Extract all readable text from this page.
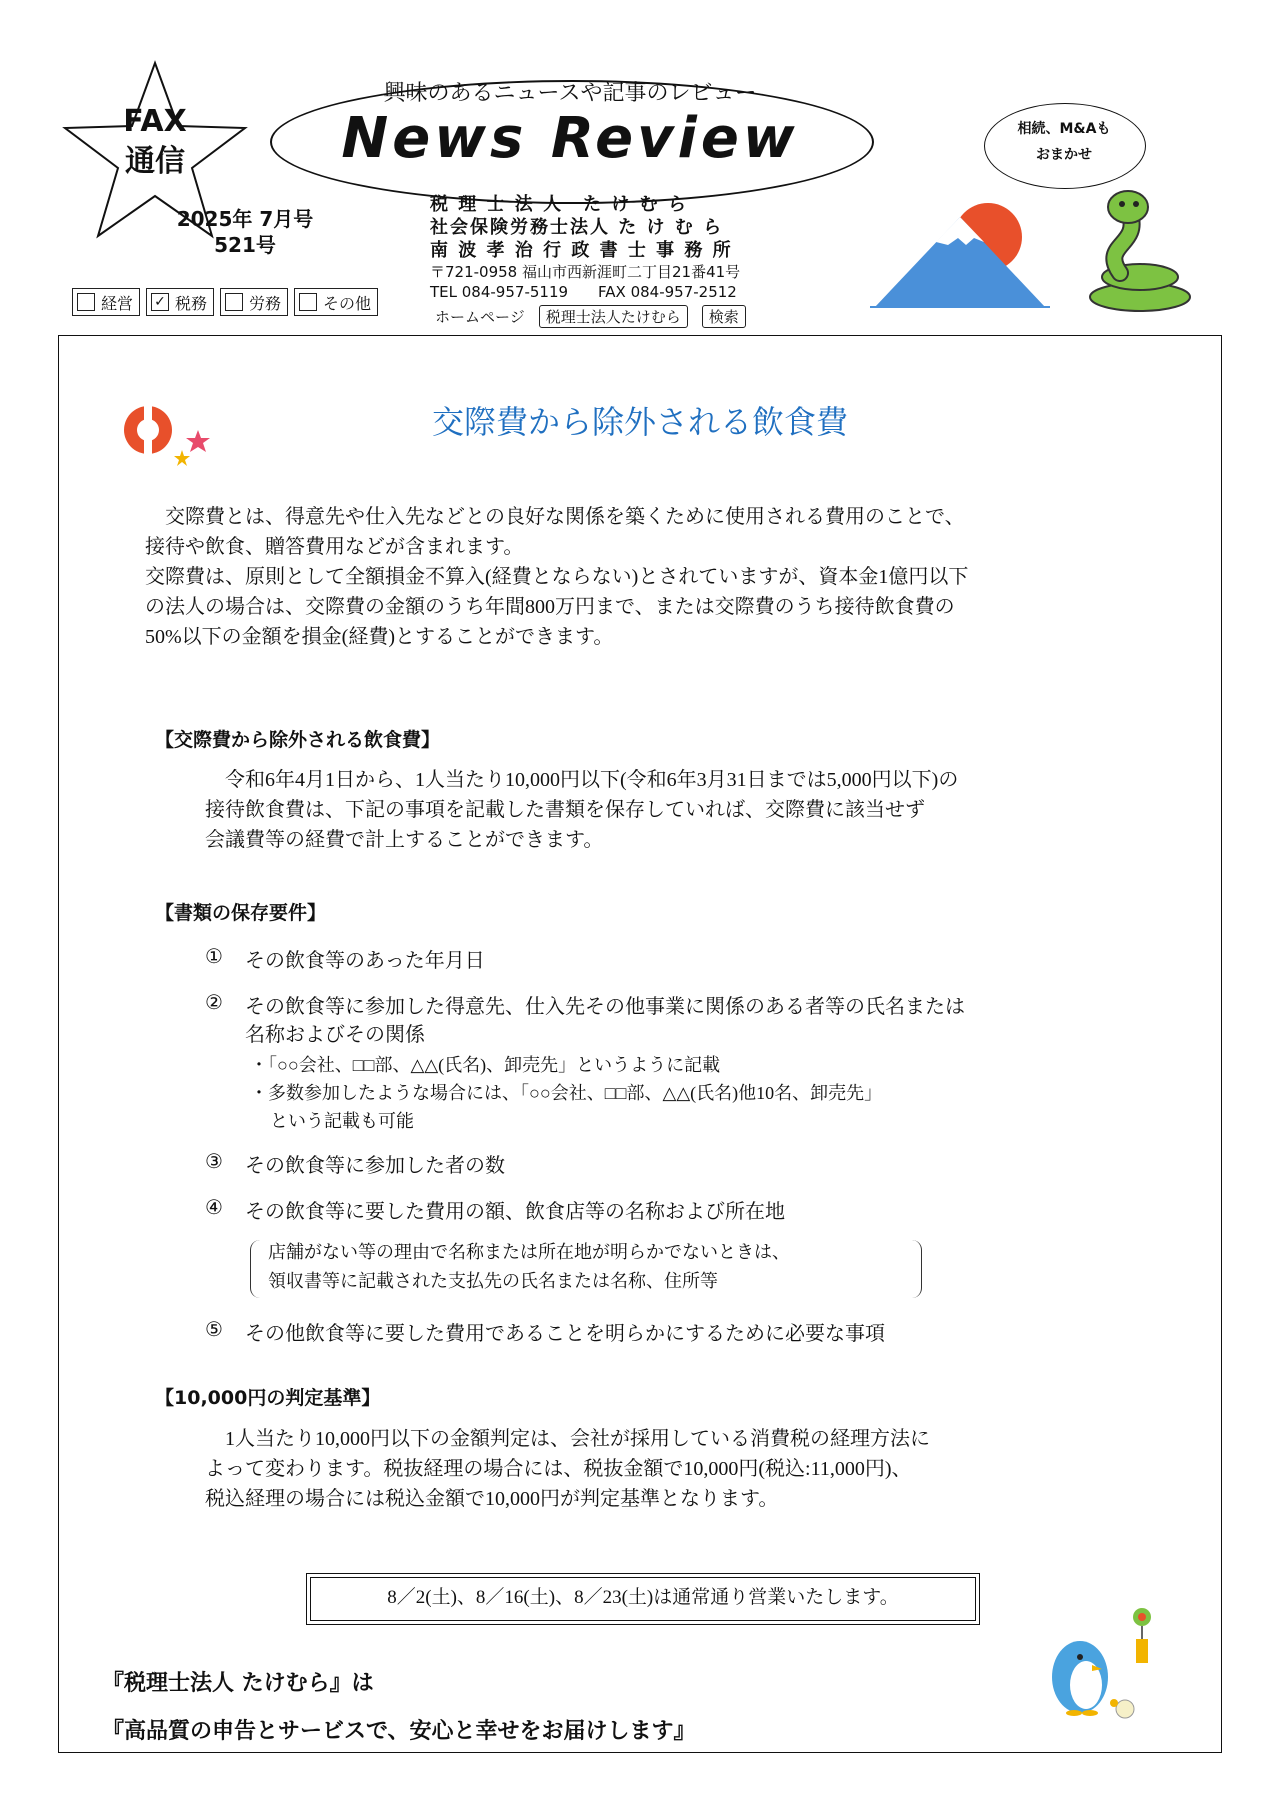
FAX
通信
2025年 7月号
521号
経営 ✓ 税務	労務	その他
興味のあるニュースや記事のレビュー
News Review
税 理 士 法 人　た け む ら
社会保険労務士法人 た け む ら
南 波 孝 治 行 政 書 士 事 務 所
〒721-0958 福山市西新涯町二丁目21番41号
TEL 084-957-5119　　FAX 084-957-2512
ホームページ	税理士法人たけむら	検索
相続、M&Aも
おまかせ
交際費から除外される飲食費
　交際費とは、得意先や仕入先などとの良好な関係を築くために使用される費用のことで、
接待や飲食、贈答費用などが含まれます。
交際費は、原則として全額損金不算入(経費とならない)とされていますが、資本金1億円以下
の法人の場合は、交際費の金額のうち年間800万円まで、または交際費のうち接待飲食費の
50%以下の金額を損金(経費)とすることができます。
【交際費から除外される飲食費】
　令和6年4月1日から、1人当たり10,000円以下(令和6年3月31日までは5,000円以下)の
接待飲食費は、下記の事項を記載した書類を保存していれば、交際費に該当せず
会議費等の経費で計上することができます。
【書類の保存要件】
①	その飲食等のあった年月日
②	その飲食等に参加した得意先、仕入先その他事業に関係のある者等の氏名または
名称およびその関係
・「○○会社、□□部、△△(氏名)、卸売先」というように記載
・多数参加したような場合には、「○○会社、□□部、△△(氏名)他10名、卸売先」
という記載も可能
③	その飲食等に参加した者の数
④	その飲食等に要した費用の額、飲食店等の名称および所在地
店舗がない等の理由で名称または所在地が明らかでないときは、
領収書等に記載された支払先の氏名または名称、住所等
⑤	その他飲食等に要した費用であることを明らかにするために必要な事項
【10,000円の判定基準】
　1人当たり10,000円以下の金額判定は、会社が採用している消費税の経理方法に
よって変わります。税抜経理の場合には、税抜金額で10,000円(税込:11,000円)、
税込経理の場合には税込金額で10,000円が判定基準となります。
8／2(土)、8／16(土)、8／23(土)は通常通り営業いたします。
『税理士法人 たけむら』は
『高品質の申告とサービスで、安心と幸せをお届けします』
